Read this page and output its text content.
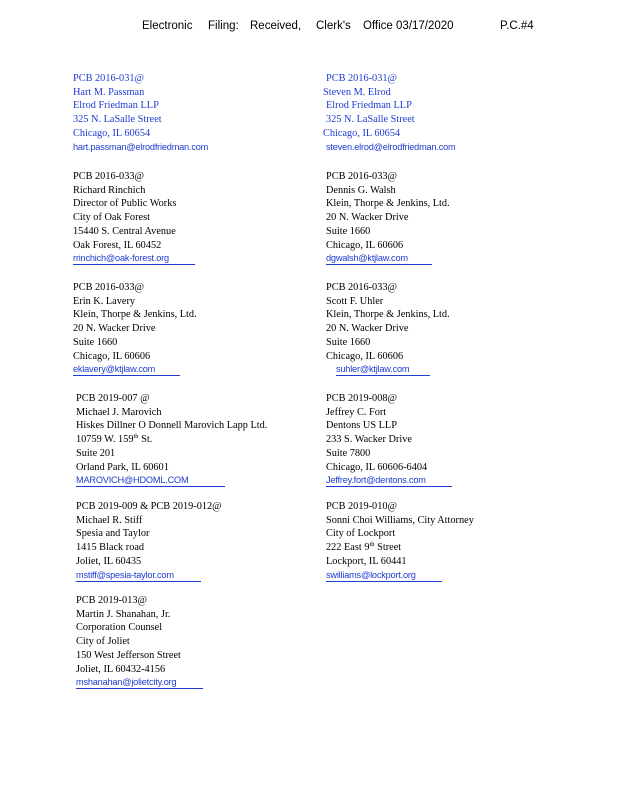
Electronic Filing: Received, Clerk's Office 03/17/2020	P.C.#4
PCB 2016-031@
Hart M. Passman
Elrod Friedman LLP
325 N. LaSalle Street
Chicago, IL 60654
hart.passman@elrodfriedman.com
PCB 2016-031@
Steven M. Elrod
Elrod Friedman LLP
325 N. LaSalle Street
Chicago, IL 60654
steven.elrod@elrodfriedman.com
PCB 2016-033@
Richard Rinchich
Director of Public Works
City of Oak Forest
15440 S. Central Avenue
Oak Forest, IL 60452
rrinchich@oak-forest.org
PCB 2016-033@
Dennis G. Walsh
Klein, Thorpe & Jenkins, Ltd.
20 N. Wacker Drive
Suite 1660
Chicago, IL 60606
dgwalsh@ktjlaw.com
PCB 2016-033@
Erin K. Lavery
Klein, Thorpe & Jenkins, Ltd.
20 N. Wacker Drive
Suite 1660
Chicago, IL 60606
eklavery@ktjlaw.com
PCB 2016-033@
Scott F. Uhler
Klein, Thorpe & Jenkins, Ltd.
20 N. Wacker Drive
Suite 1660
Chicago, IL 60606
suhler@ktjlaw.com
PCB 2019-007 @
Michael J. Marovich
Hiskes Dillner O Donnell Marovich Lapp Ltd.
10759 W. 159th St.
Suite 201
Orland Park, IL 60601
MAROVICH@HDOML.COM
PCB 2019-008@
Jeffrey C. Fort
Dentons US LLP
233 S. Wacker Drive
Suite 7800
Chicago, IL 60606-6404
Jeffrey.fort@dentons.com
PCB 2019-009 & PCB 2019-012@
Michael R. Stiff
Spesia and Taylor
1415 Black road
Joliet, IL 60435
mstiff@spesia-taylor.com
PCB 2019-010@
Sonni Choi Williams, City Attorney
City of Lockport
222 East 9th Street
Lockport, IL 60441
swilliams@lockport.org
PCB 2019-013@
Martin J. Shanahan, Jr.
Corporation Counsel
City of Joliet
150 West Jefferson Street
Joliet, IL 60432-4156
mshanahan@jolietcity.org
